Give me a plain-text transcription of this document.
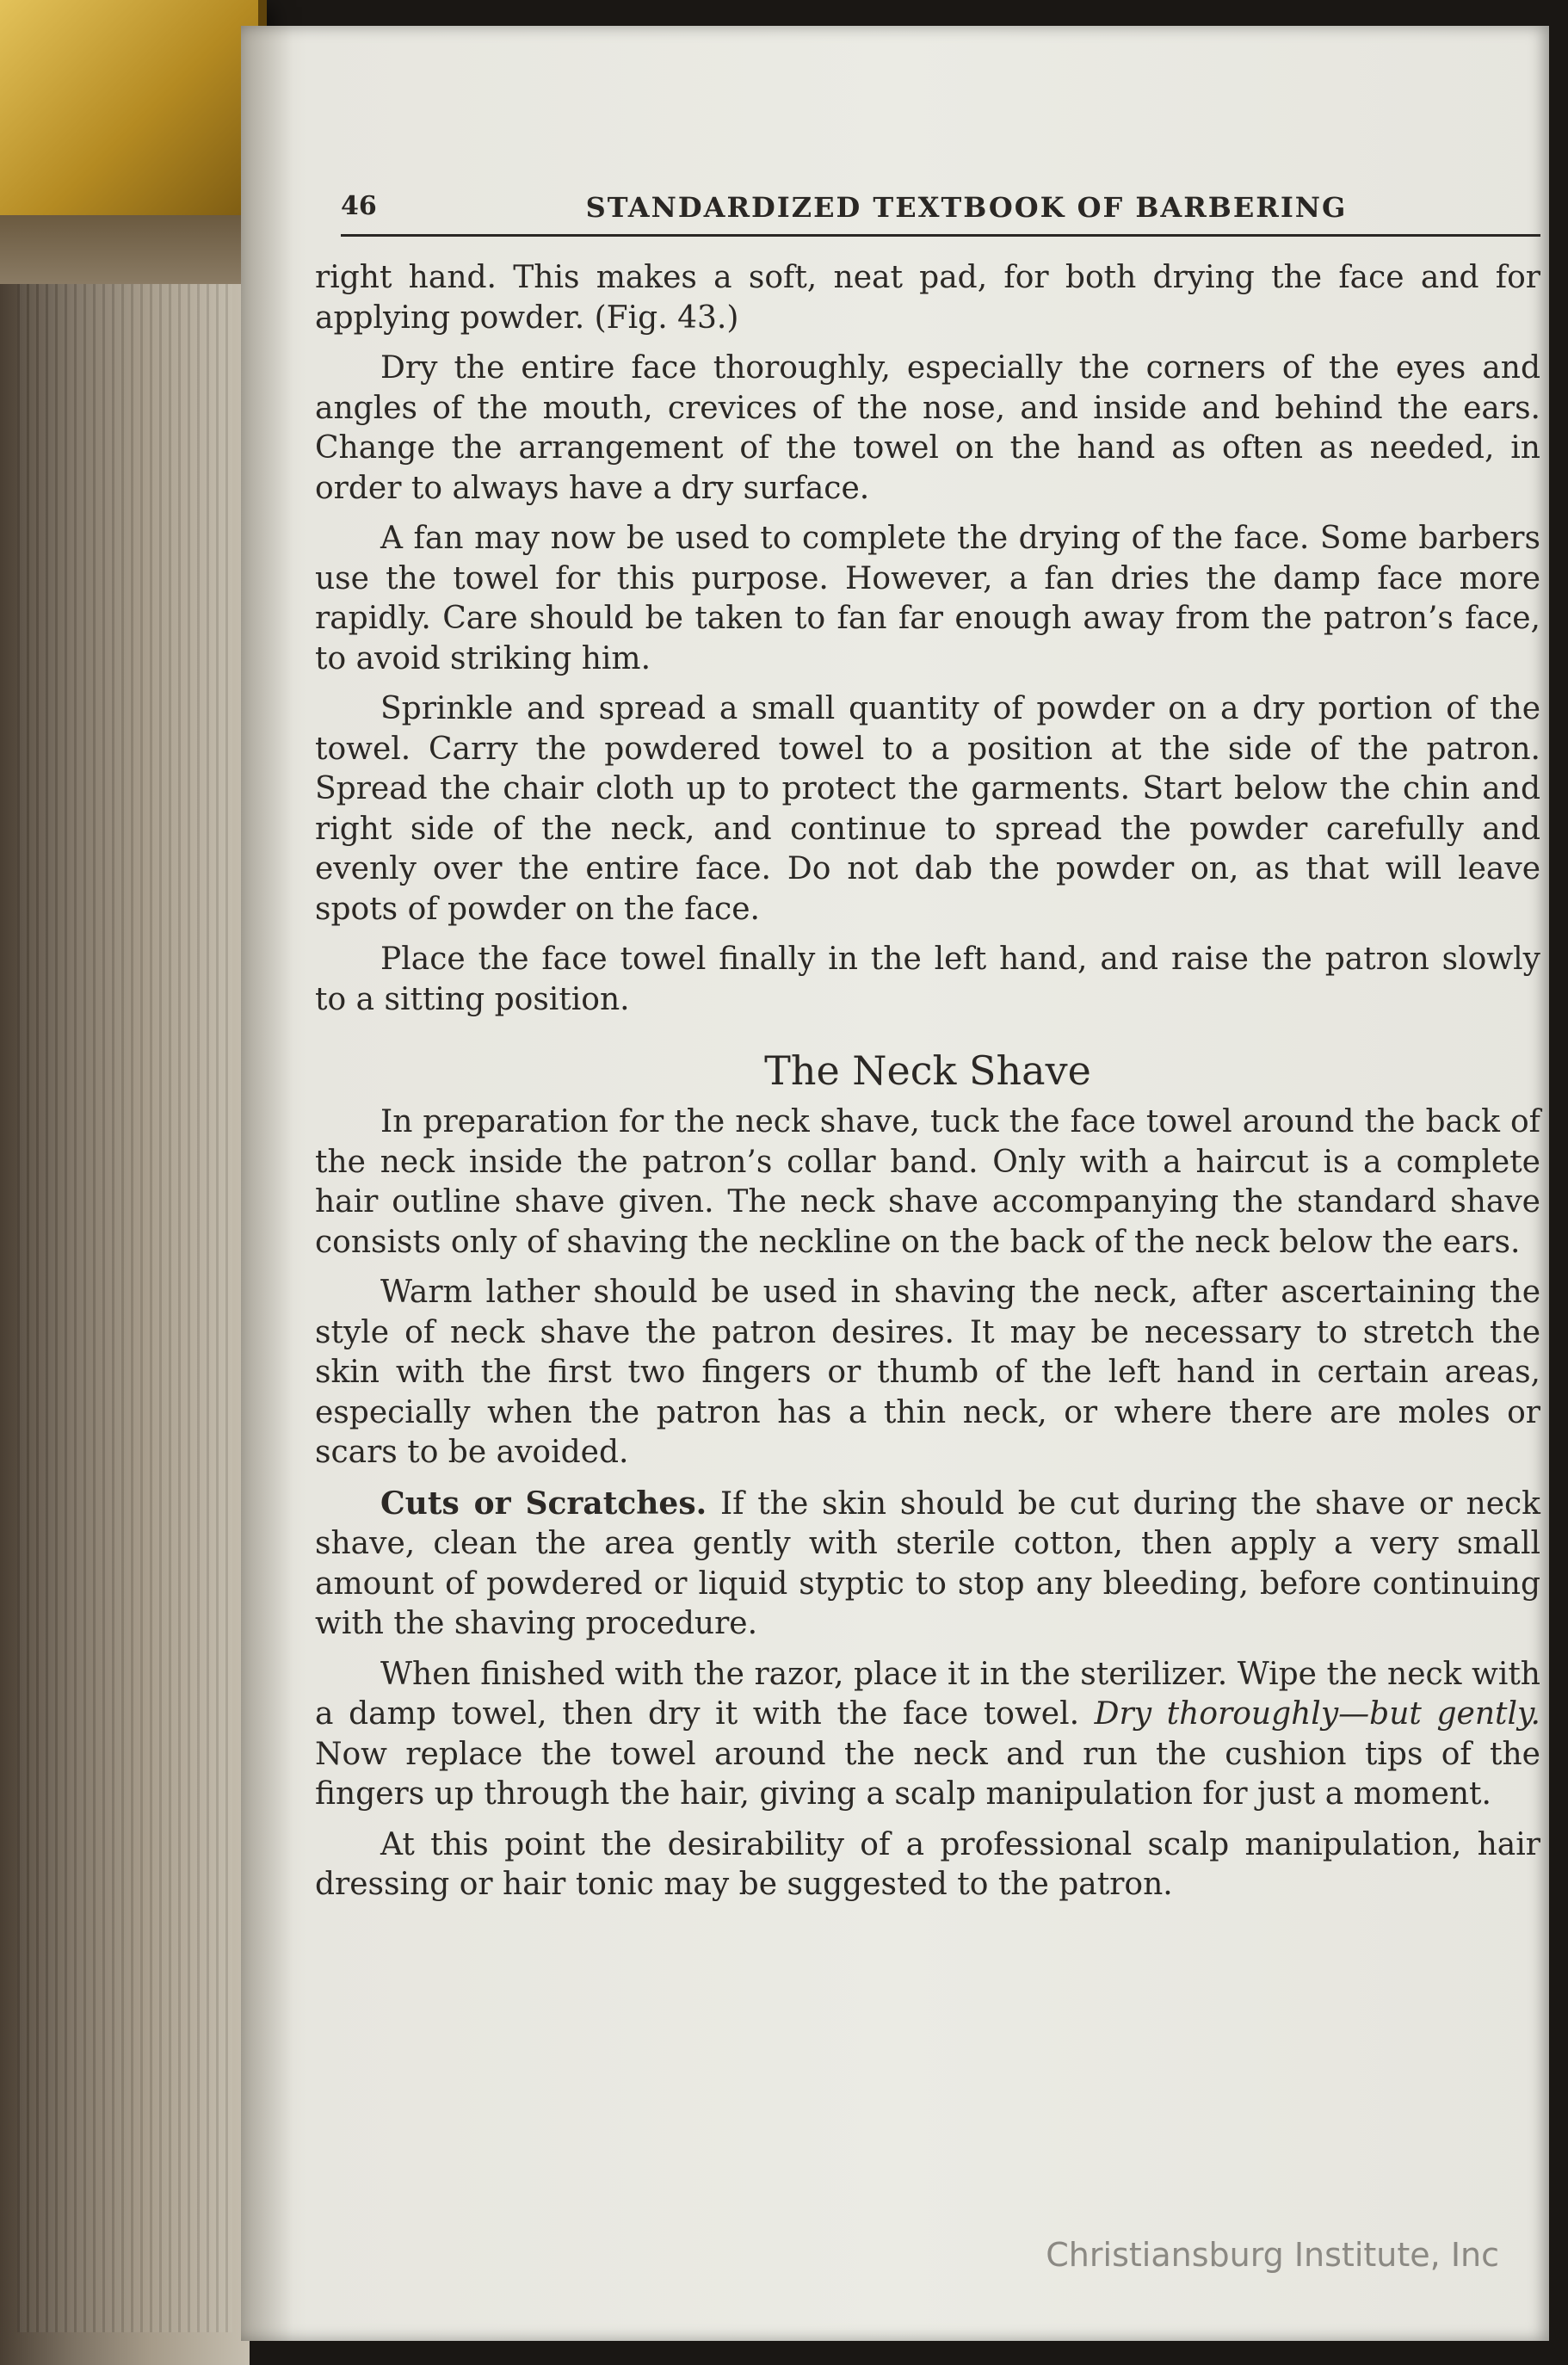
46	STANDARDIZED TEXTBOOK OF BARBERING

right hand. This makes a soft, neat pad, for both drying the face and for applying powder. (Fig. 43.)

Dry the entire face thoroughly, especially the corners of the eyes and angles of the mouth, crevices of the nose, and inside and behind the ears. Change the arrangement of the towel on the hand as often as needed, in order to always have a dry surface.

A fan may now be used to complete the drying of the face. Some barbers use the towel for this purpose. However, a fan dries the damp face more rapidly. Care should be taken to fan far enough away from the patron’s face, to avoid striking him.

Sprinkle and spread a small quantity of powder on a dry portion of the towel. Carry the powdered towel to a position at the side of the patron. Spread the chair cloth up to protect the garments. Start below the chin and right side of the neck, and continue to spread the powder carefully and evenly over the entire face. Do not dab the powder on, as that will leave spots of powder on the face.

Place the face towel finally in the left hand, and raise the patron slowly to a sitting position.

The Neck Shave

In preparation for the neck shave, tuck the face towel around the back of the neck inside the patron’s collar band. Only with a haircut is a complete hair outline shave given. The neck shave accompanying the standard shave consists only of shaving the neckline on the back of the neck below the ears.

Warm lather should be used in shaving the neck, after ascertaining the style of neck shave the patron desires. It may be necessary to stretch the skin with the first two fingers or thumb of the left hand in certain areas, especially when the patron has a thin neck, or where there are moles or scars to be avoided.

Cuts or Scratches. If the skin should be cut during the shave or neck shave, clean the area gently with sterile cotton, then apply a very small amount of powdered or liquid styptic to stop any bleeding, before continuing with the shaving procedure.

When finished with the razor, place it in the sterilizer. Wipe the neck with a damp towel, then dry it with the face towel. Dry thoroughly—but gently. Now replace the towel around the neck and run the cushion tips of the fingers up through the hair, giving a scalp manipulation for just a moment.

At this point the desirability of a professional scalp manipulation, hair dressing or hair tonic may be suggested to the patron.

Christiansburg Institute, Inc
